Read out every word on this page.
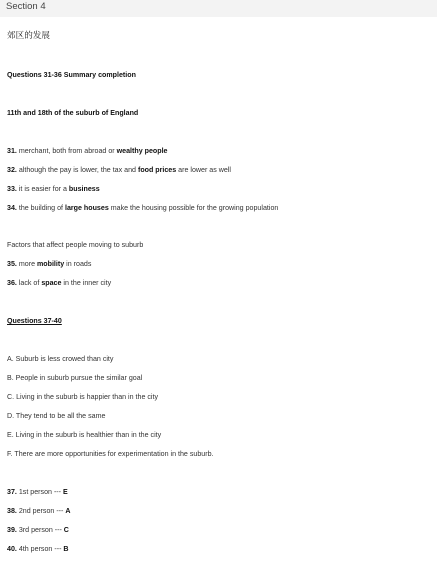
Section 4
郊区的发展
Questions 31-36 Summary completion
11th and 18th of the suburb of England
31. merchant, both from abroad or wealthy people
32. although the pay is lower, the tax and food prices are lower as well
33. it is easier for a business
34. the building of large houses make the housing possible for the growing population
Factors that affect people moving to suburb
35. more mobility in roads
36. lack of space in the inner city
Questions 37-40
A. Suburb is less crowed than city
B. People in suburb pursue the similar goal
C. Living in the suburb is happier than in the city
D. They tend to be all the same
E. Living in the suburb is healthier than in the city
F. There are more opportunities for experimentation in the suburb.
37. 1st person --- E
38. 2nd person --- A
39. 3rd person --- C
40. 4th person --- B
